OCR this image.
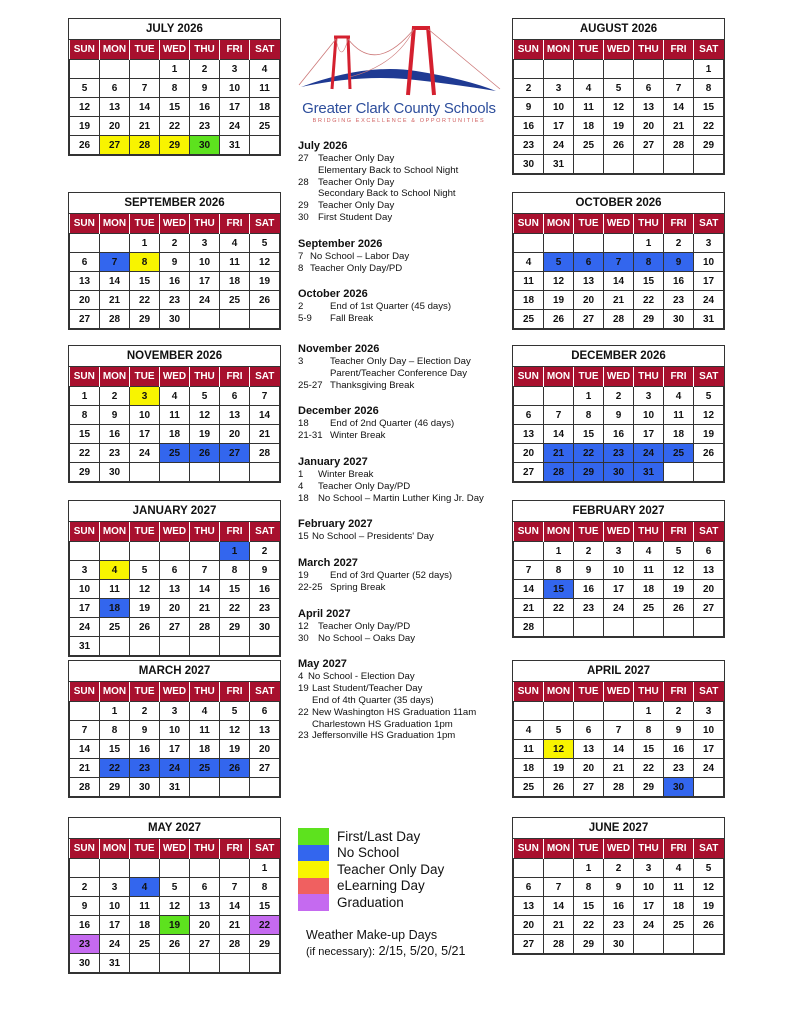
Greater Clark County Schools
BRIDGING EXCELLENCE & OPPORTUNITIES
JULY 2026
SUN	MON	TUE	WED	THU	FRI	SAT
			1	2	3	4
5	6	7	8	9	10	11
12	13	14	15	16	17	18
19	20	21	22	23	24	25
26	27	28	29	30	31	
AUGUST 2026
SUN	MON	TUE	WED	THU	FRI	SAT
						1
2	3	4	5	6	7	8
9	10	11	12	13	14	15
16	17	18	19	20	21	22
23	24	25	26	27	28	29
30	31					
SEPTEMBER 2026
SUN	MON	TUE	WED	THU	FRI	SAT
		1	2	3	4	5
6	7	8	9	10	11	12
13	14	15	16	17	18	19
20	21	22	23	24	25	26
27	28	29	30			
OCTOBER 2026
SUN	MON	TUE	WED	THU	FRI	SAT
				1	2	3
4	5	6	7	8	9	10
11	12	13	14	15	16	17
18	19	20	21	22	23	24
25	26	27	28	29	30	31
NOVEMBER 2026
SUN	MON	TUE	WED	THU	FRI	SAT
1	2	3	4	5	6	7
8	9	10	11	12	13	14
15	16	17	18	19	20	21
22	23	24	25	26	27	28
29	30					
DECEMBER 2026
SUN	MON	TUE	WED	THU	FRI	SAT
		1	2	3	4	5
6	7	8	9	10	11	12
13	14	15	16	17	18	19
20	21	22	23	24	25	26
27	28	29	30	31		
JANUARY 2027
SUN	MON	TUE	WED	THU	FRI	SAT
					1	2
3	4	5	6	7	8	9
10	11	12	13	14	15	16
17	18	19	20	21	22	23
24	25	26	27	28	29	30
31						
FEBRUARY 2027
SUN	MON	TUE	WED	THU	FRI	SAT
	1	2	3	4	5	6
7	8	9	10	11	12	13
14	15	16	17	18	19	20
21	22	23	24	25	26	27
28						
MARCH 2027
SUN	MON	TUE	WED	THU	FRI	SAT
	1	2	3	4	5	6
7	8	9	10	11	12	13
14	15	16	17	18	19	20
21	22	23	24	25	26	27
28	29	30	31			
APRIL 2027
SUN	MON	TUE	WED	THU	FRI	SAT
				1	2	3
4	5	6	7	8	9	10
11	12	13	14	15	16	17
18	19	20	21	22	23	24
25	26	27	28	29	30	
MAY 2027
SUN	MON	TUE	WED	THU	FRI	SAT
						1
2	3	4	5	6	7	8
9	10	11	12	13	14	15
16	17	18	19	20	21	22
23	24	25	26	27	28	29
30	31					
JUNE 2027
SUN	MON	TUE	WED	THU	FRI	SAT
		1	2	3	4	5
6	7	8	9	10	11	12
13	14	15	16	17	18	19
20	21	22	23	24	25	26
27	28	29	30			
July 2026
27 Teacher Only Day
Elementary Back to School Night
28 Teacher Only Day
Secondary Back to School Night
29 Teacher Only Day
30 First Student Day
September 2026
7 No School – Labor Day
8 Teacher Only Day/PD
October 2026
2	End of 1st Quarter (45 days)
5-9	Fall Break
November 2026
3	Teacher Only Day – Election Day
Parent/Teacher Conference Day
25-27 Thanksgiving Break
December 2026
18	End of 2nd Quarter (46 days)
21-31 Winter Break
January 2027
1	Winter Break
4	Teacher Only Day/PD
18 No School – Martin Luther King Jr. Day
February 2027
15 No School – Presidents' Day
March 2027
19	End of 3rd Quarter (52 days)
22-25 Spring Break
April 2027
12 Teacher Only Day/PD
30 No School – Oaks Day
May 2027
4 No School - Election Day
19 Last Student/Teacher Day
End of 4th Quarter (35 days)
22 New Washington HS Graduation 11am
Charlestown HS Graduation 1pm
23 Jeffersonville HS Graduation 1pm
First/Last Day
No School
Teacher Only Day
eLearning Day
Graduation
Weather Make-up Days
(if necessary): 2/15, 5/20, 5/21
